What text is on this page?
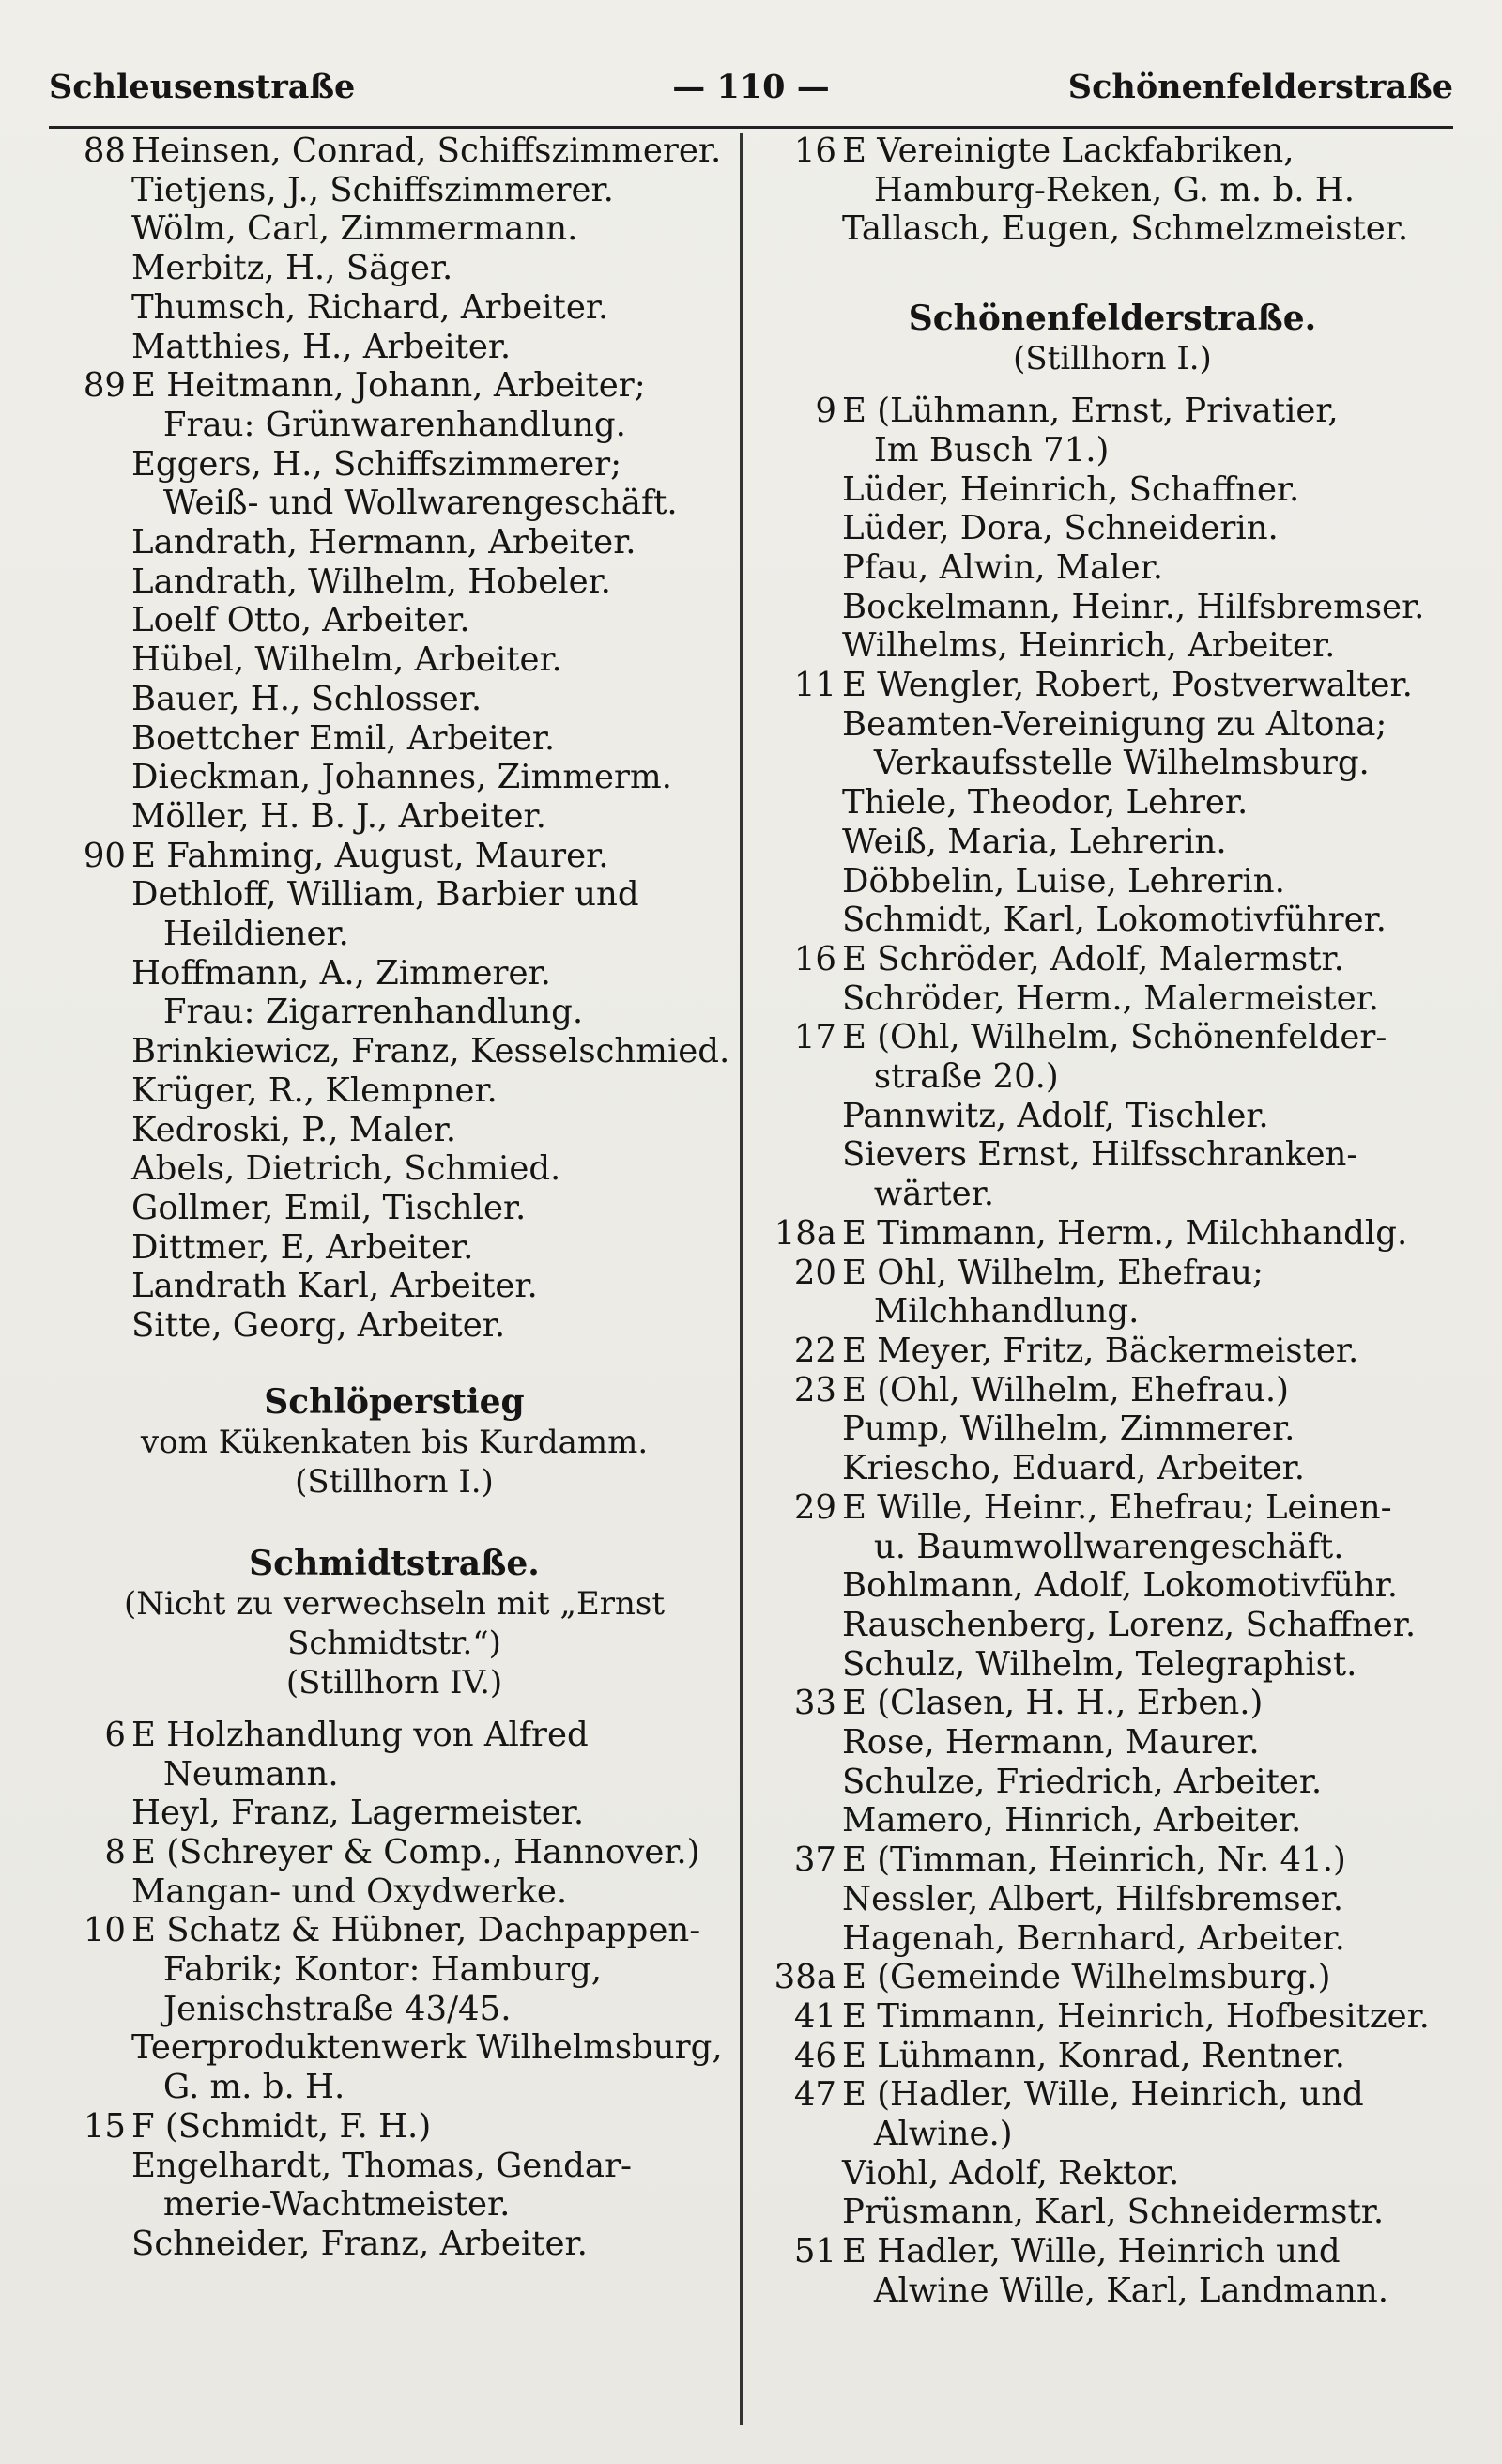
Schleusenstraße	— 110 —	Schönenfelderstraße
88 Heinsen, Conrad, Schiffszimmerer.
Tietjens, J., Schiffszimmerer.
Wölm, Carl, Zimmermann.
Merbitz, H., Säger.
Thumsch, Richard, Arbeiter.
Matthies, H., Arbeiter.
89 E Heitmann, Johann, Arbeiter;
Frau: Grünwarenhandlung.
Eggers, H., Schiffszimmerer;
Weiß- und Wollwarengeschäft.
Landrath, Hermann, Arbeiter.
Landrath, Wilhelm, Hobeler.
Loelf Otto, Arbeiter.
Hübel, Wilhelm, Arbeiter.
Bauer, H., Schlosser.
Boettcher Emil, Arbeiter.
Dieckman, Johannes, Zimmerm.
Möller, H. B. J., Arbeiter.
90 E Fahming, August, Maurer.
Dethloff, William, Barbier und
Heildiener.
Hoffmann, A., Zimmerer.
Frau: Zigarrenhandlung.
Brinkiewicz, Franz, Kesselschmied.
Krüger, R., Klempner.
Kedroski, P., Maler.
Abels, Dietrich, Schmied.
Gollmer, Emil, Tischler.
Dittmer, E, Arbeiter.
Landrath Karl, Arbeiter.
Sitte, Georg, Arbeiter.
Schlöperstieg
vom Kükenkaten bis Kurdamm.
(Stillhorn I.)
Schmidtstraße.
(Nicht zu verwechseln mit „Ernst Schmidtstr.“)
(Stillhorn IV.)
6 E Holzhandlung von Alfred
Neumann.
Heyl, Franz, Lagermeister.
8 E (Schreyer & Comp., Hannover.)
Mangan- und Oxydwerke.
10 E Schatz & Hübner, Dachpappen-
Fabrik; Kontor: Hamburg,
Jenischstraße 43/45.
Teerproduktenwerk Wilhelmsburg,
G. m. b. H.
15 F (Schmidt, F. H.)
Engelhardt, Thomas, Gendar-
merie-Wachtmeister.
Schneider, Franz, Arbeiter.
16 E Vereinigte Lackfabriken,
Hamburg-Reken, G. m. b. H.
Tallasch, Eugen, Schmelzmeister.
Schönenfelderstraße.
(Stillhorn I.)
9 E (Lühmann, Ernst, Privatier,
Im Busch 71.)
Lüder, Heinrich, Schaffner.
Lüder, Dora, Schneiderin.
Pfau, Alwin, Maler.
Bockelmann, Heinr., Hilfsbremser.
Wilhelms, Heinrich, Arbeiter.
11 E Wengler, Robert, Postverwalter.
Beamten-Vereinigung zu Altona;
Verkaufsstelle Wilhelmsburg.
Thiele, Theodor, Lehrer.
Weiß, Maria, Lehrerin.
Döbbelin, Luise, Lehrerin.
Schmidt, Karl, Lokomotivführer.
16 E Schröder, Adolf, Malermstr.
Schröder, Herm., Malermeister.
17 E (Ohl, Wilhelm, Schönenfelder-
straße 20.)
Pannwitz, Adolf, Tischler.
Sievers Ernst, Hilfsschranken-
wärter.
18a E Timmann, Herm., Milchhandlg.
20 E Ohl, Wilhelm, Ehefrau;
Milchhandlung.
22 E Meyer, Fritz, Bäckermeister.
23 E (Ohl, Wilhelm, Ehefrau.)
Pump, Wilhelm, Zimmerer.
Krieschо, Eduard, Arbeiter.
29 E Wille, Heinr., Ehefrau; Leinen-
u. Baumwollwarengeschäft.
Bohlmann, Adolf, Lokomotivführ.
Rauschenberg, Lorenz, Schaffner.
Schulz, Wilhelm, Telegraphist.
33 E (Clasen, H. H., Erben.)
Rose, Hermann, Maurer.
Schulze, Friedrich, Arbeiter.
Mamero, Hinrich, Arbeiter.
37 E (Timman, Heinrich, Nr. 41.)
Nessler, Albert, Hilfsbremser.
Hagenah, Bernhard, Arbeiter.
38a E (Gemeinde Wilhelmsburg.)
41 E Timmann, Heinrich, Hofbesitzer.
46 E Lühmann, Konrad, Rentner.
47 E (Hadler, Wille, Heinrich, und
Alwine.)
Viohl, Adolf, Rektor.
Prüsmann, Karl, Schneidermstr.
51 E Hadler, Wille, Heinrich und
Alwine Wille, Karl, Landmann.
